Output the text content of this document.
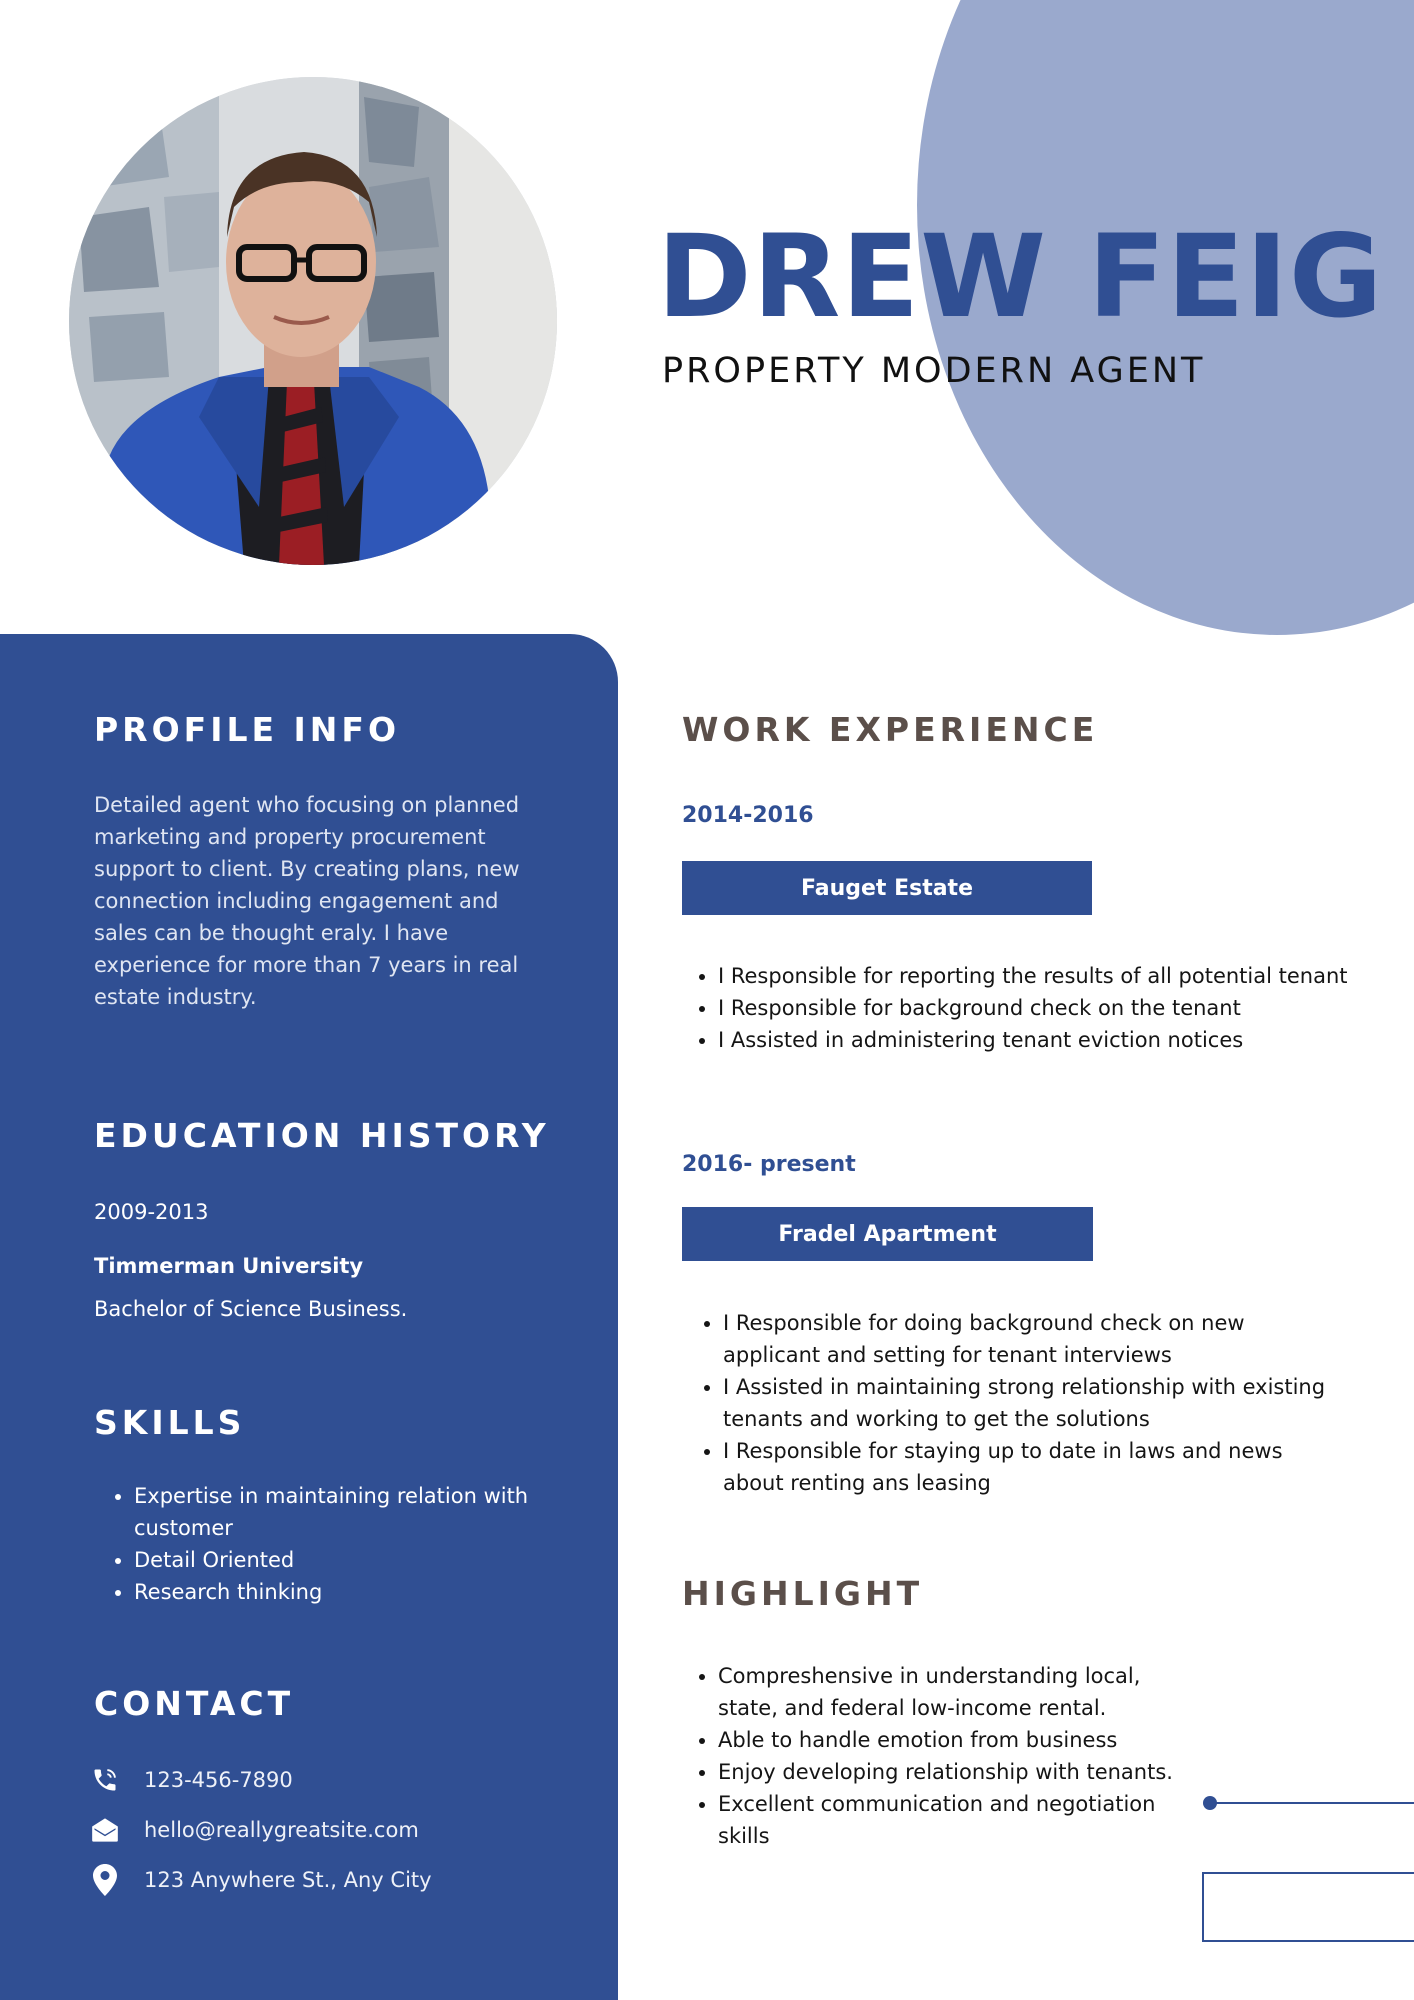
DREW FEIG
PROPERTY MODERN AGENT
PROFILE INFO
Detailed agent who focusing on planned marketing and property procurement support to client. By creating plans, new connection including engagement and sales can be thought eraly. I have experience for more than 7 years in real estate industry.
EDUCATION HISTORY
2009-2013
Timmerman University
Bachelor of Science Business.
SKILLS
• Expertise in maintaining relation with customer
• Detail Oriented
• Research thinking
CONTACT
123-456-7890
hello@reallygreatsite.com
123 Anywhere St., Any City
WORK EXPERIENCE
2014-2016
Fauget Estate
• I Responsible for reporting the results of all potential tenant
• I Responsible for background check on the tenant
• I Assisted in administering tenant eviction notices
2016- present
Fradel Apartment
• I Responsible for doing background check on new applicant and setting for tenant interviews
• I Assisted in maintaining strong relationship with existing tenants and working to get the solutions
• I Responsible for staying up to date in laws and news about renting ans leasing
HIGHLIGHT
• Compreshensive in understanding local, state, and federal low-income rental.
• Able to handle emotion from business
• Enjoy developing relationship with tenants.
• Excellent communication and negotiation skills
